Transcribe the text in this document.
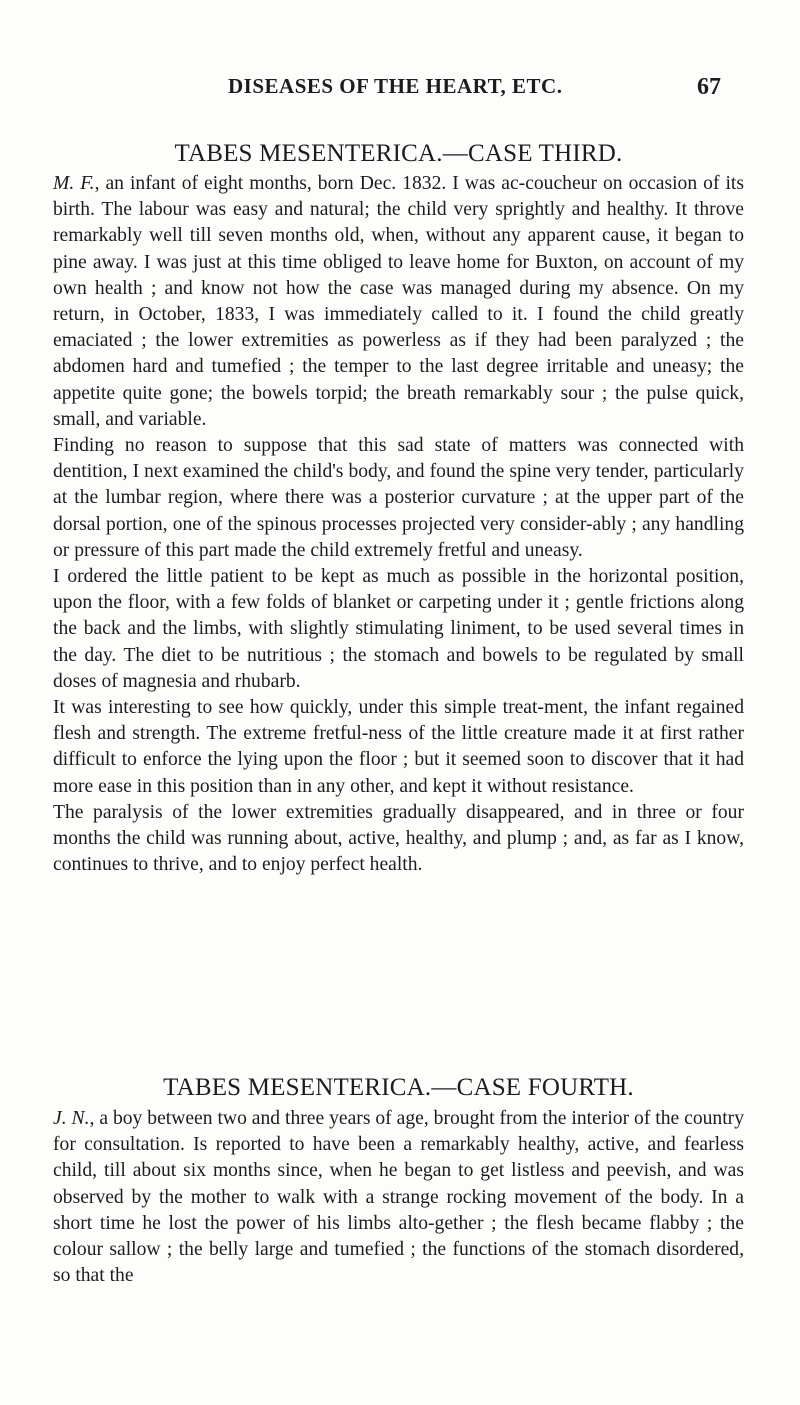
DISEASES OF THE HEART, ETC.	67
TABES MESENTERICA.—CASE THIRD.

M. F., an infant of eight months, born Dec. 1832. I was ac-coucheur on occasion of its birth. The labour was easy and natural; the child very sprightly and healthy. It throve remarkably well till seven months old, when, without any apparent cause, it began to pine away. I was just at this time obliged to leave home for Buxton, on account of my own health ; and know not how the case was managed during my absence. On my return, in October, 1833, I was immediately called to it. I found the child greatly emaciated ; the lower extremities as powerless as if they had been paralyzed ; the abdomen hard and tumefied ; the temper to the last degree irritable and uneasy; the appetite quite gone; the bowels torpid; the breath remarkably sour ; the pulse quick, small, and variable.

Finding no reason to suppose that this sad state of matters was connected with dentition, I next examined the child's body, and found the spine very tender, particularly at the lumbar region, where there was a posterior curvature ; at the upper part of the dorsal portion, one of the spinous processes projected very consider-ably ; any handling or pressure of this part made the child extremely fretful and uneasy.

I ordered the little patient to be kept as much as possible in the horizontal position, upon the floor, with a few folds of blanket or carpeting under it ; gentle frictions along the back and the limbs, with slightly stimulating liniment, to be used several times in the day. The diet to be nutritious ; the stomach and bowels to be regulated by small doses of magnesia and rhubarb.

It was interesting to see how quickly, under this simple treat-ment, the infant regained flesh and strength. The extreme fretful-ness of the little creature made it at first rather difficult to enforce the lying upon the floor ; but it seemed soon to discover that it had more ease in this position than in any other, and kept it without resistance.

The paralysis of the lower extremities gradually disappeared, and in three or four months the child was running about, active, healthy, and plump ; and, as far as I know, continues to thrive, and to enjoy perfect health.

TABES MESENTERICA.—CASE FOURTH.

J. N., a boy between two and three years of age, brought from the interior of the country for consultation. Is reported to have been a remarkably healthy, active, and fearless child, till about six months since, when he began to get listless and peevish, and was observed by the mother to walk with a strange rocking movement of the body. In a short time he lost the power of his limbs alto-gether ; the flesh became flabby ; the colour sallow ; the belly large and tumefied ; the functions of the stomach disordered, so that the
